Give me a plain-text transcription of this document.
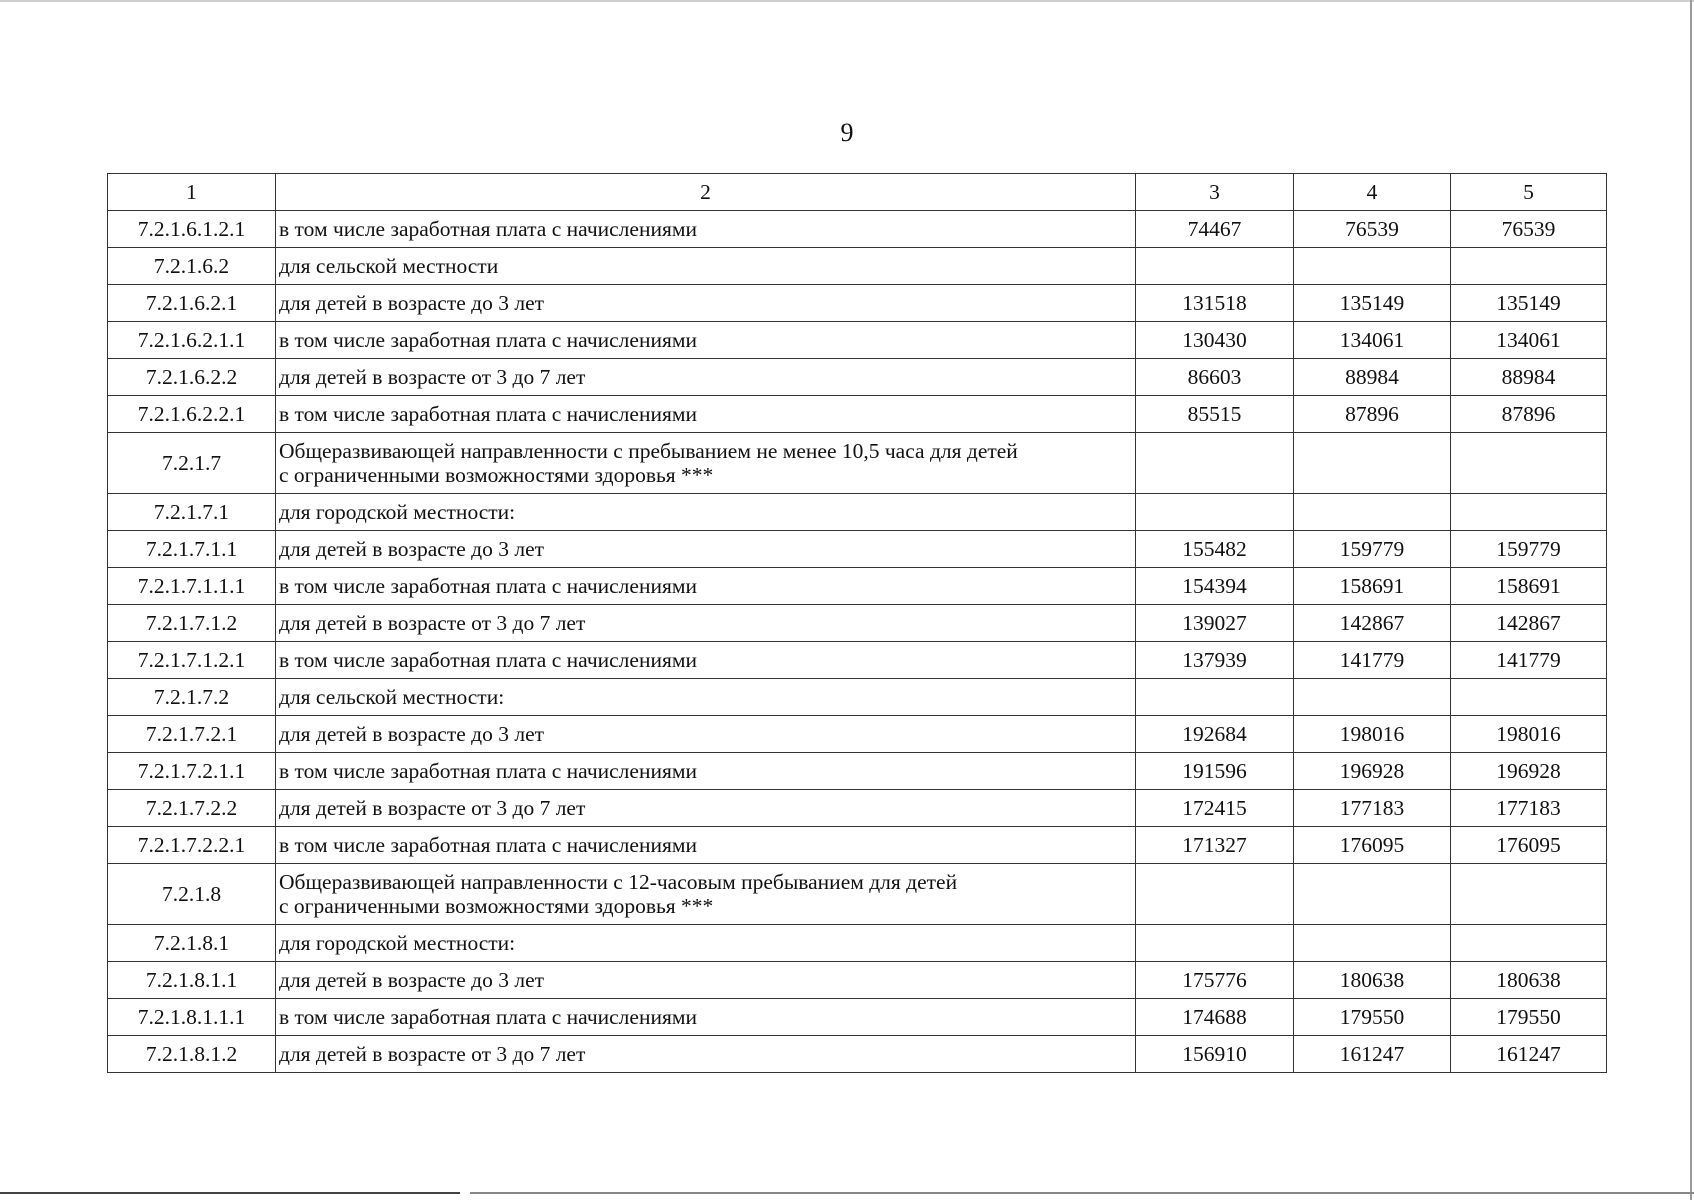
9
1	2	3	4	5
7.2.1.6.1.2.1	в том числе заработная плата с начислениями	74467	76539	76539
7.2.1.6.2	для сельской местности			

7.2.1.6.2.1	для детей в возрасте до 3 лет	131518	135149	135149
7.2.1.6.2.1.1	в том числе заработная плата с начислениями	130430	134061	134061
7.2.1.6.2.2	для детей в возрасте от 3 до 7 лет	86603	88984	88984
7.2.1.6.2.2.1	в том числе заработная плата с начислениями	85515	87896	87896
7.2.1.7	Общеразвивающей направленности с пребыванием не менее 10,5 часа для детей
с ограниченными возможностями здоровья ***			

7.2.1.7.1	для городской местности:			

7.2.1.7.1.1	для детей в возрасте до 3 лет	155482	159779	159779
7.2.1.7.1.1.1	в том числе заработная плата с начислениями	154394	158691	158691
7.2.1.7.1.2	для детей в возрасте от 3 до 7 лет	139027	142867	142867
7.2.1.7.1.2.1	в том числе заработная плата с начислениями	137939	141779	141779
7.2.1.7.2	для сельской местности:			

7.2.1.7.2.1	для детей в возрасте до 3 лет	192684	198016	198016
7.2.1.7.2.1.1	в том числе заработная плата с начислениями	191596	196928	196928
7.2.1.7.2.2	для детей в возрасте от 3 до 7 лет	172415	177183	177183
7.2.1.7.2.2.1	в том числе заработная плата с начислениями	171327	176095	176095
7.2.1.8	Общеразвивающей направленности с 12-часовым пребыванием для детей
с ограниченными возможностями здоровья ***			

7.2.1.8.1	для городской местности:			

7.2.1.8.1.1	для детей в возрасте до 3 лет	175776	180638	180638
7.2.1.8.1.1.1	в том числе заработная плата с начислениями	174688	179550	179550
7.2.1.8.1.2	для детей в возрасте от 3 до 7 лет	156910	161247	161247
